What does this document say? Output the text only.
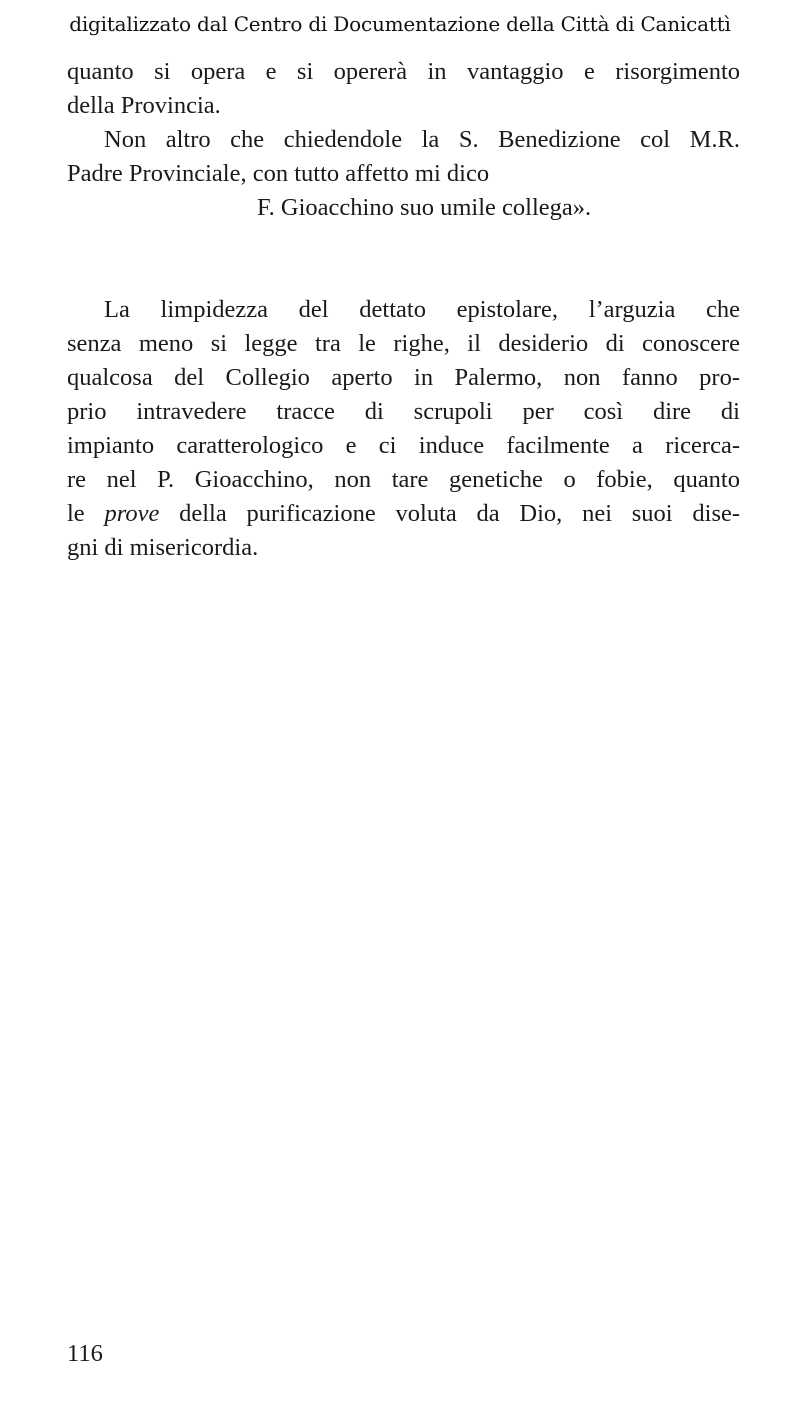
digitalizzato dal Centro di Documentazione della Città di Canicattì
quanto si opera e si opererà in vantaggio e risorgimento
della Provincia.
Non altro che chiedendole la S. Benedizione col M.R.
Padre Provinciale, con tutto affetto mi dico

F. Gioacchino suo umile collega».

La limpidezza del dettato epistolare, l’arguzia che
senza meno si legge tra le righe, il desiderio di conoscere
qualcosa del Collegio aperto in Palermo, non fanno pro-
prio intravedere tracce di scrupoli per così dire di
impianto caratterologico e ci induce facilmente a ricerca-
re nel P. Gioacchino, non tare genetiche o fobie, quanto
le prove della purificazione voluta da Dio, nei suoi dise-
gni di misericordia.
116
